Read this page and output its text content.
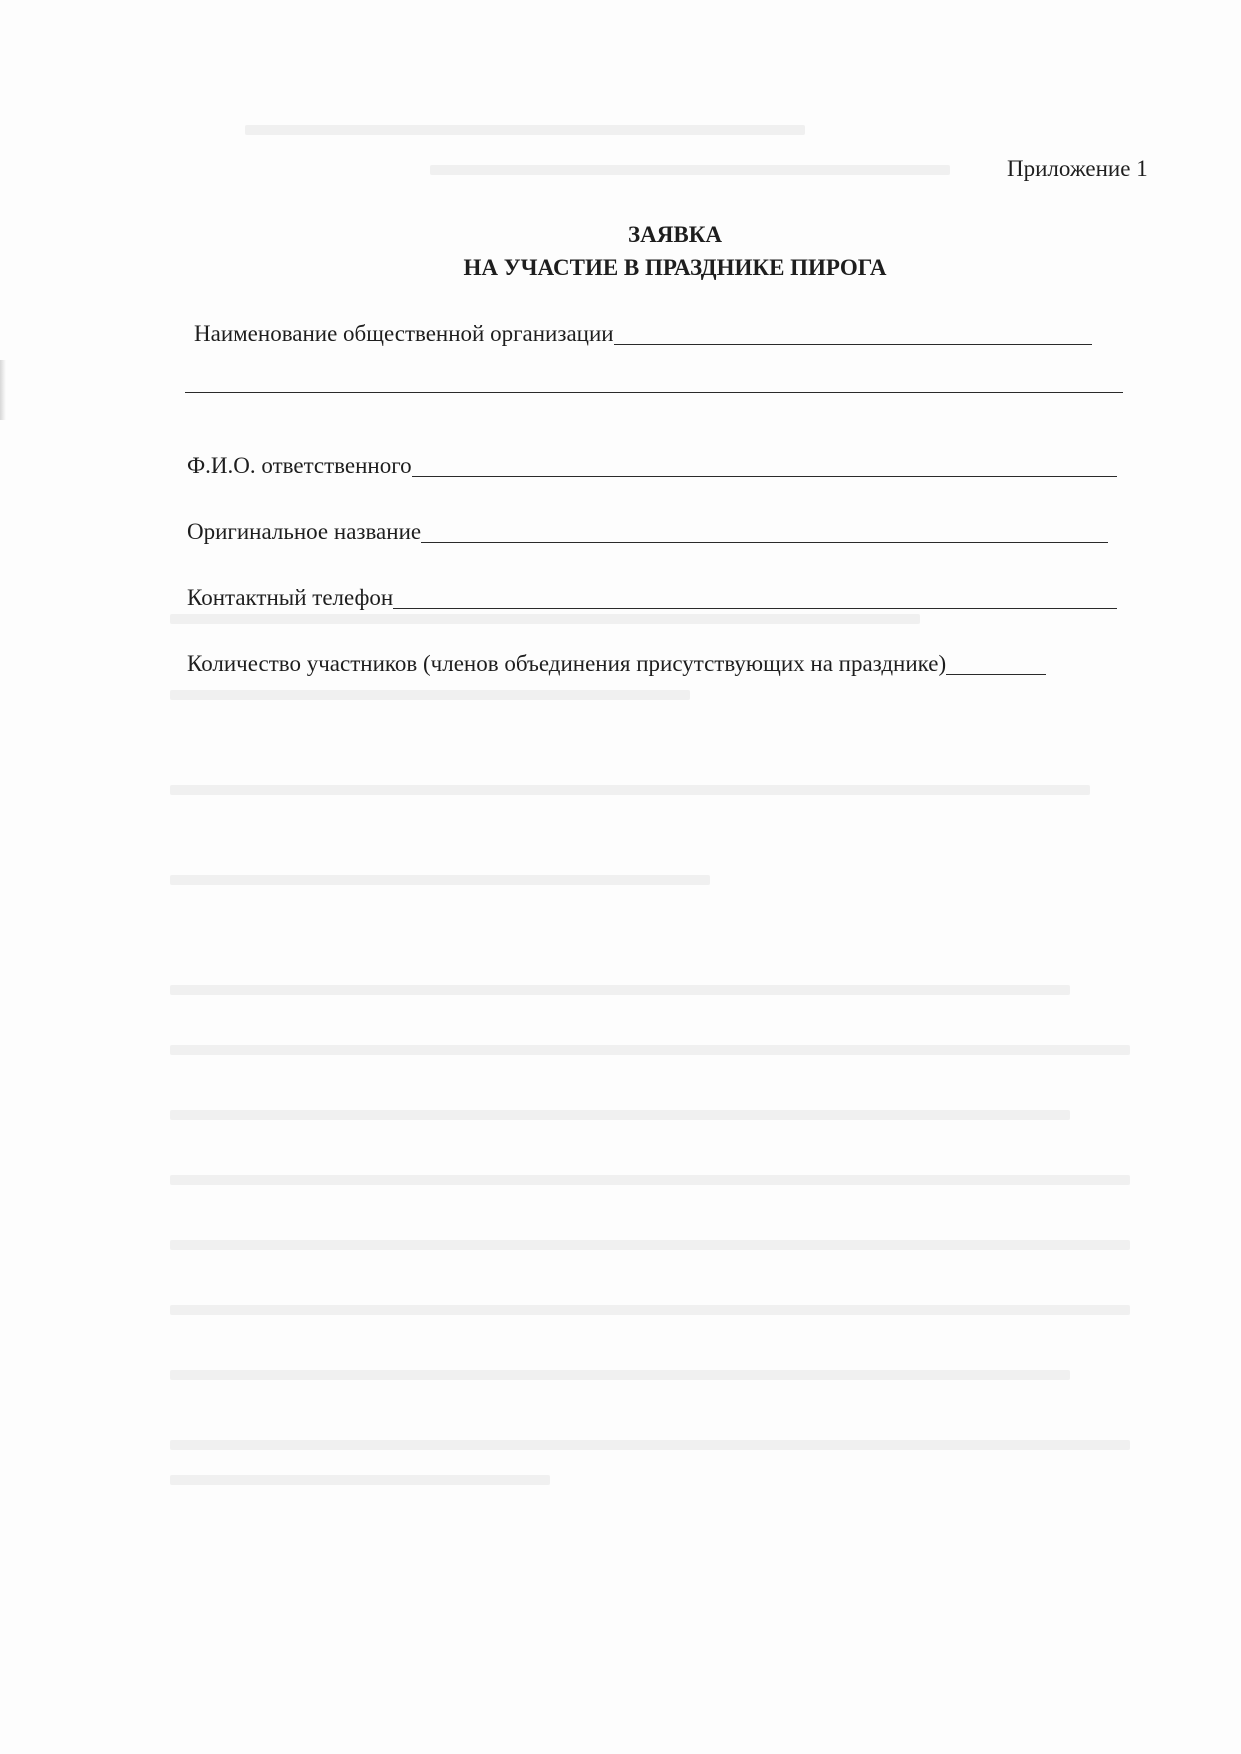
Приложение 1
ЗАЯВКА
НА УЧАСТИЕ В ПРАЗДНИКЕ ПИРОГА
Наименование общественной организации
Ф.И.О. ответственного
Оригинальное название
Контактный телефон
Количество участников (членов объединения присутствующих на празднике)
